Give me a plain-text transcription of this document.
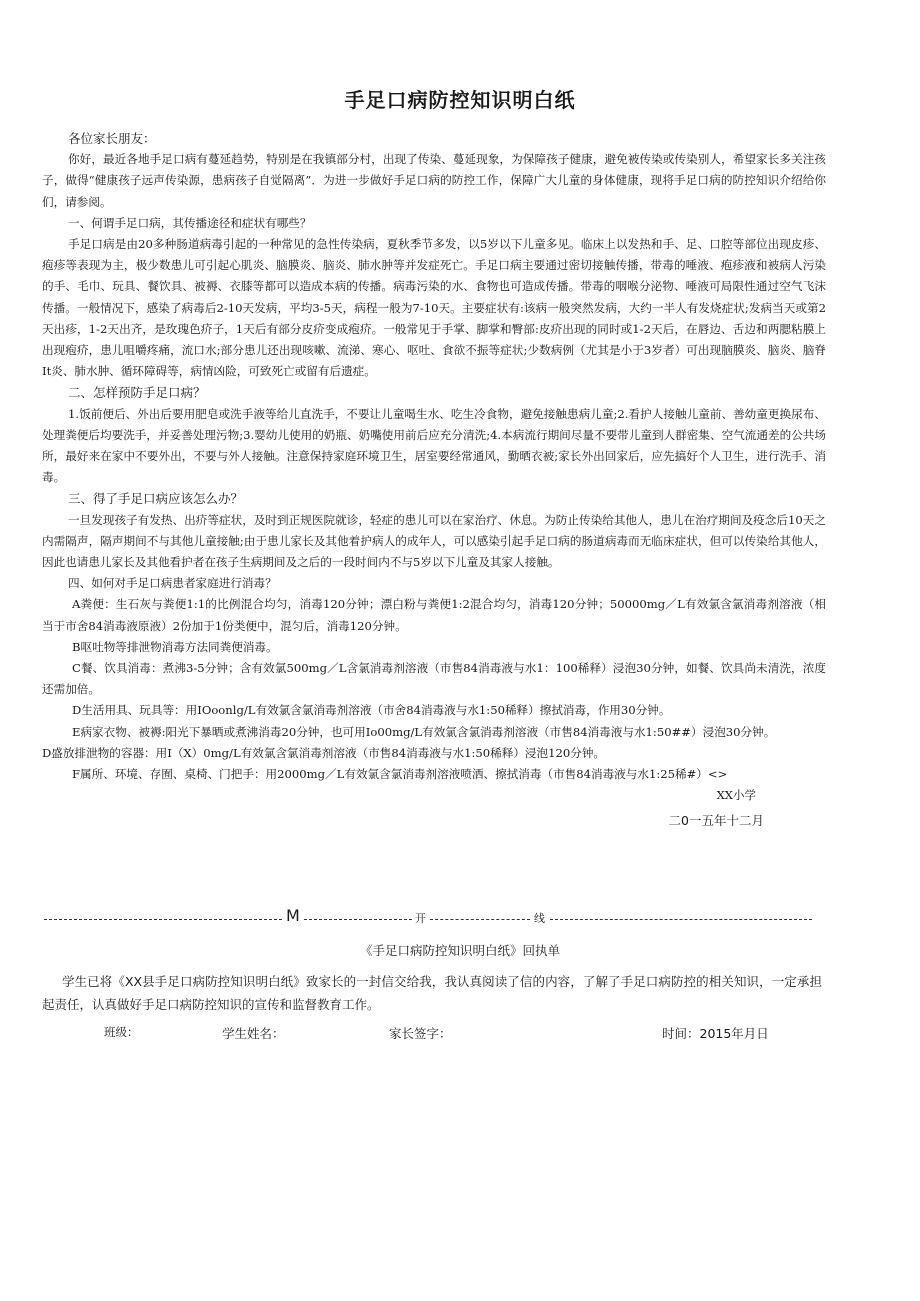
手足口病防控知识明白纸

各位家长朋友：

你好，最近各地手足口病有蔓延趋势，特别是在我镇部分村，出现了传染、蔓延现象，为保障孩子健康，避免被传染或传染别人，希望家长多关注孩子，做得“健康孩子远声传染源，患病孩子自觉隔离”．为进一步做好手足口病的防控工作，保障广大儿童的身体健康，现将手足口病的防控知识介绍给你们，请参阅。

一、何谓手足口病，其传播途径和症状有哪些？

手足口病是由20多种肠道病毒引起的一种常见的急性传染病，夏秋季节多发，以5岁以下儿童多见。临床上以发热和手、足、口腔等部位出现皮疹、疱疹等表现为主，极少数患儿可引起心肌炎、脑膜炎、脑炎、肺水肿等并发症死亡。手足口病主要通过密切接触传播，带毒的唾液、疱疹液和被病人污染的手、毛巾、玩具、餐饮具、被褥、衣膝等都可以造成本病的传播。病毒污染的水、食物也可造成传播。带毒的咽喉分泌物、唾液可局限性通过空气飞沫传播。一般情况下，感染了病毒后2-10天发病，平均3-5天，病程一般为7-10天。主要症状有:该病一般突然发病，大约一半人有发烧症状;发病当天或第2天出疹，1-2天出齐，是玫瑰色疥子，1天后有部分皮疥变成疱疥。一般常见于手掌、脚掌和臀部:皮疥出现的同时或1-2天后，在唇边、舌边和两腮粘膜上出现疱疥，患儿咀嚼疼痛，流口水;部分患儿还出现咳嗽、流涕、寒心、呕吐、食欲不振等症状;少数病例（尤其是小于3岁者）可出现脑膜炎、脑炎、脑脊It炎、肺水肿、循环障碍等，病情凶险，可致死亡或留有后遗症。

二、怎样预防手足口病？

1.饭前便后、外出后要用肥皂或洗手液等给儿直洗手，不要让儿童喝生水、吃生冷食物，避免接触患病儿童;2.看护人接触儿童前、善幼童更换尿布、处理粪便后均要洗手，并妥善处理污物;3.婴幼儿使用的奶瓶、奶嘴使用前后应充分清洗;4.本病流行期间尽量不要带儿童到人群密集、空气流通差的公共场所，最好来在家中不要外出，不要与外人接触。注意保持家庭环境卫生，居室要经常通风，勤晒衣被;家长外出回家后，应先搞好个人卫生，进行洗手、消毒。

三、得了手足口病应该怎么办？

一旦发现孩子有发热、出疥等症状，及时到正规医院就诊，轻症的患儿可以在家治疗、休息。为防止传染给其他人，患儿在治疗期间及疫念后10天之内需隔声，隔声期间不与其他儿童接触;由于患儿家长及其他着护病人的成年人，可以感染引起手足口病的肠道病毒而无临床症状，但可以传染给其他人，因此也请患儿家长及其他看护者在孩子生病期间及之后的一段时间内不与5岁以下儿童及其家人接触。

四、如何对手足口病患者家庭进行消毒？

A粪便：生石灰与粪便1:1的比例混合均匀，消毒120分钟；漂白粉与粪便1:2混合均匀，消毒120分钟；50000mg／L有效氯含氯消毒剂溶液（相当于市舍84消毒液原液）2份加于1份类便中，混匀后，消毒120分钟。

B呕吐物等排泄物消毒方法同粪便消毒。

C餐、饮具消毒：煮沸3-5分钟；含有效氯500mg／L含氯消毒剂溶液（市售84消毒液与水1：100稀释）浸泡30分钟，如餐、饮具尚未清洗，浓度还需加倍。

D生活用具、玩具等：用IOoonlg/L有效氯含氯消毒剂溶液（市舍84消毒液与水1:50稀释）擦拭消毒，作用30分钟。

E病家衣物、被褥:阳光下暴晒或煮沸消毒20分钟，也可用Io00mg/L有效氯含氯消毒剂溶液（市售84消毒液与水1:50##）浸泡30分钟。

D盛放排泄物的容器：用I（X）0mg/L有效氯含氯消毒剂溶液（市售84消毒液与水1:50稀释）浸泡120分钟。

F属所、环境、存囿、桌椅、门把手：用2000mg／L有效氯含氯消毒剂溶液喷洒、擦拭消毒（市售84消毒液与水1:25稀#）<>

XX小学

二0一五年十二月

M	开	线
《手足口病防控知识明白纸》回执单

学生已将《XX县手足口病防控知识明白纸》致家长的一封信交给我，我认真阅读了信的内容，了解了手足口病防控的相关知识，一定承担起责任，认真做好手足口病防控知识的宣传和监督教育工作。

班级：	学生姓名：	家长签字：	时间：2015年月日
